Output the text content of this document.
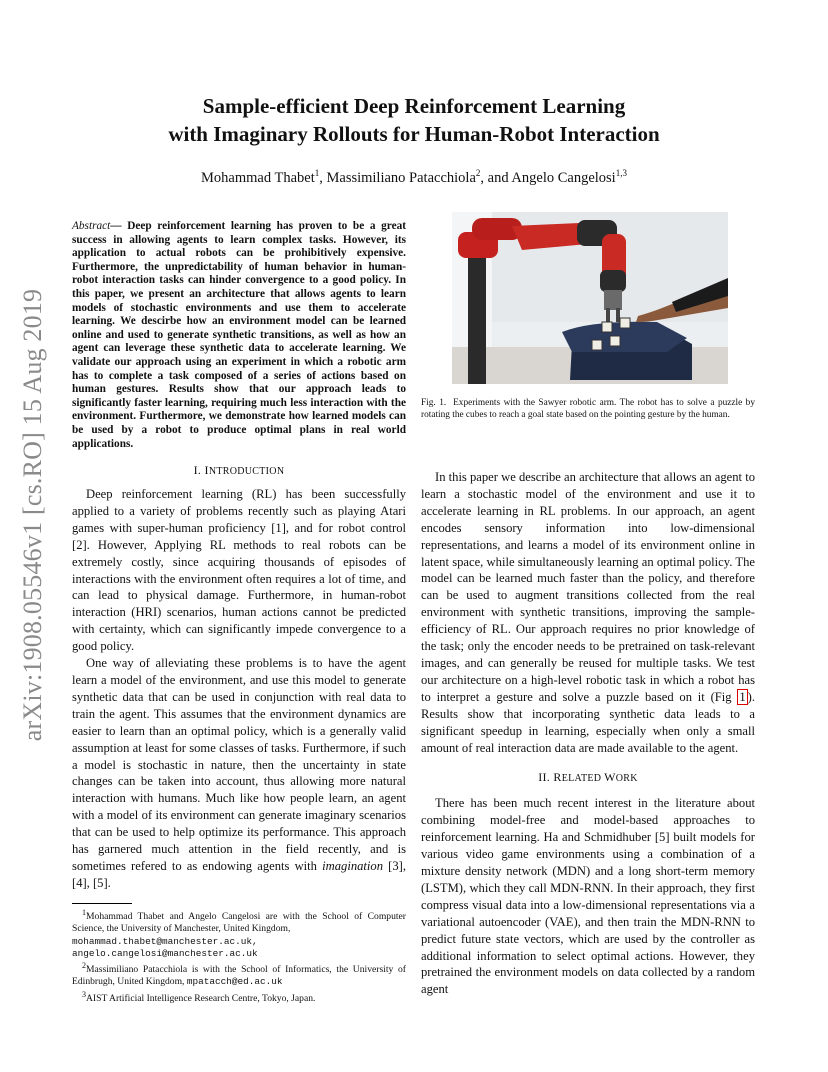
Sample-efficient Deep Reinforcement Learning
with Imaginary Rollouts for Human-Robot Interaction
Mohammad Thabet$^1$, Massimiliano Patacchiola$^2$, and Angelo Cangelosi$^{1,3}$
arXiv:1908.05546v1 [cs.RO] 15 Aug 2019
Abstract— Deep reinforcement learning has proven to be a great success in allowing agents to learn complex tasks. However, its application to actual robots can be prohibitively expensive. Furthermore, the unpredictability of human behavior in human-robot interaction tasks can hinder convergence to a good policy. In this paper, we present an architecture that allows agents to learn models of stochastic environments and use them to accelerate learning. We descirbe how an environment model can be learned online and used to generate synthetic transitions, as well as how an agent can leverage these synthetic data to accelerate learning. We validate our approach using an experiment in which a robotic arm has to complete a task composed of a series of actions based on human gestures. Results show that our approach leads to significantly faster learning, requiring much less interaction with the environment. Furthermore, we demonstrate how learned models can be used by a robot to produce optimal plans in real world applications.
I. INTRODUCTION

Deep reinforcement learning (RL) has been successfully applied to a variety of problems recently such as playing Atari games with super-human proficiency [1], and for robot control [2]. However, Applying RL methods to real robots can be extremely costly, since acquiring thousands of episodes of interactions with the environment often requires a lot of time, and can lead to physical damage. Furthermore, in human-robot interaction (HRI) scenarios, human actions cannot be predicted with certainty, which can significantly impede convergence to a good policy.

One way of alleviating these problems is to have the agent learn a model of the environment, and use this model to generate synthetic data that can be used in conjunction with real data to train the agent. This assumes that the environment dynamics are easier to learn than an optimal policy, which is a generally valid assumption at least for some classes of tasks. Furthermore, if such a model is stochastic in nature, then the uncertainty in state changes can be taken into account, thus allowing more natural interaction with humans. Much like how people learn, an agent with a model of its environment can generate imaginary scenarios that can be used to help optimize its performance. This approach has garnered much attention in the field recently, and is sometimes refered to as endowing agents with imagination [3], [4], [5].

$^1$Mohammad Thabet and Angelo Cangelosi are with the School of Computer Science, the University of Manchester, United Kingdom,
mohammad.thabet@manchester.ac.uk,
angelo.cangelosi@manchester.ac.uk
$^2$Massimiliano Patacchiola is with the School of Informatics, the University of Edinbrugh, United Kingdom, mpatacch@ed.ac.uk
$^3$AIST Artificial Intelligence Research Centre, Tokyo, Japan.
Fig. 1. Experiments with the Sawyer robotic arm. The robot has to solve a puzzle by rotating the cubes to reach a goal state based on the pointing gesture by the human.

In this paper we describe an architecture that allows an agent to learn a stochastic model of the environment and use it to accelerate learning in RL problems. In our approach, an agent encodes sensory information into low-dimensional representations, and learns a model of its environment online in latent space, while simultaneously learning an optimal policy. The model can be learned much faster than the policy, and therefore can be used to augment transitions collected from the real environment with synthetic transitions, improving the sample-efficiency of RL. Our approach requires no prior knowledge of the task; only the encoder needs to be pretrained on task-relevant images, and can generally be reused for multiple tasks. We test our architecture on a high-level robotic task in which a robot has to interpret a gesture and solve a puzzle based on it (Fig 1 ). Results show that incorporating synthetic data leads to a significant speedup in learning, especially when only a small amount of real interaction data are made available to the agent.

II. RELATED WORK

There has been much recent interest in the literature about combining model-free and model-based approaches to reinforcement learning. Ha and Schmidhuber [5] built models for various video game environments using a combination of a mixture density network (MDN) and a long short-term memory (LSTM), which they call MDN-RNN. In their approach, they first compress visual data into a low-dimensional representations via a variational autoencoder (VAE), and then train the MDN-RNN to predict future state vectors, which are used by the controller as additional information to select optimal actions. However, they pretrained the environment models on data collected by a random agent
